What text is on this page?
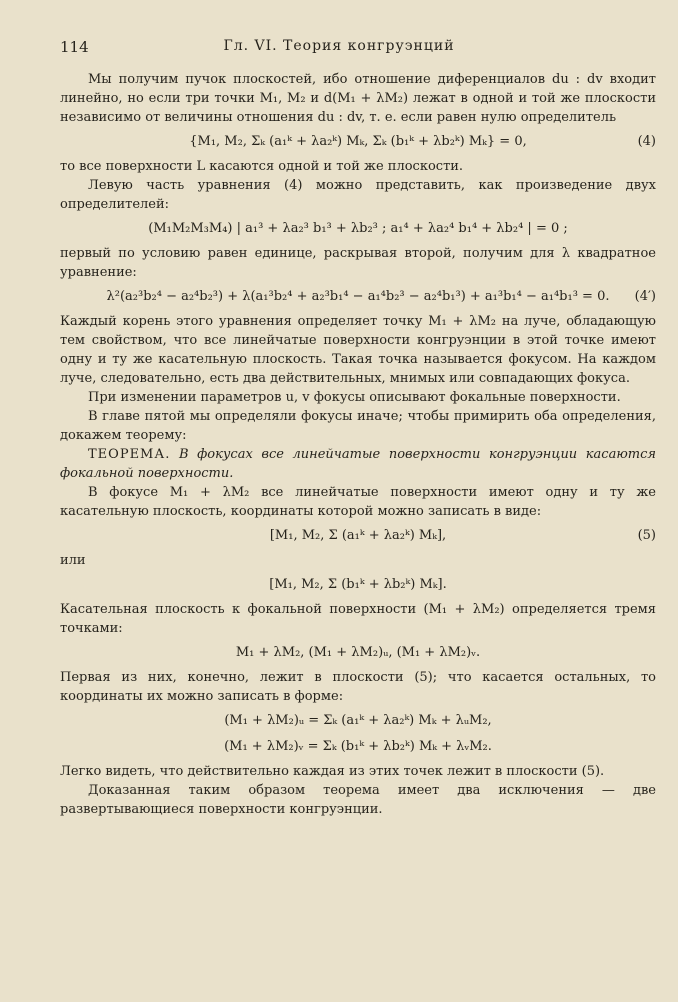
114	Гл. VI. Теория конгруэнций

Мы получим пучок плоскостей, ибо отношение диференциалов du : dv входит линейно, но если три точки M₁, M₂ и d(M₁ + λM₂) лежат в одной и той же плоскости независимо от величины отношения du : dv, т. е. если равен нулю определитель

{M₁, M₂, Σₖ (a₁ᵏ + λa₂ᵏ) Mₖ, Σₖ (b₁ᵏ + λb₂ᵏ) Mₖ} = 0,	(4)

то все поверхности L касаются одной и той же плоскости.

Левую часть уравнения (4) можно представить, как произведение двух определителей:

(M₁M₂M₃M₄) | a₁³ + λa₂³ b₁³ + λb₂³ ; a₁⁴ + λa₂⁴ b₁⁴ + λb₂⁴ | = 0 ;

первый по условию равен единице, раскрывая второй, получим для λ квадратное уравнение:

λ²(a₂³b₂⁴ − a₂⁴b₂³) + λ(a₁³b₂⁴ + a₂³b₁⁴ − a₁⁴b₂³ − a₂⁴b₁³) + a₁³b₁⁴ − a₁⁴b₁³ = 0. (4′)

Каждый корень этого уравнения определяет точку M₁ + λM₂ на луче, обладающую тем свойством, что все линейчатые поверхности конгруэнции в этой точке имеют одну и ту же касательную плоскость. Такая точка называется фокусом. На каждом луче, следовательно, есть два действительных, мнимых или совпадающих фокуса.

При изменении параметров u, v фокусы описывают фокальные поверхности.

В главе пятой мы определяли фокусы иначе; чтобы примирить оба определения, докажем теорему:

ТЕОРЕМА. В фокусах все линейчатые поверхности конгруэнции касаются фокальной поверхности.

В фокусе M₁ + λM₂ все линейчатые поверхности имеют одну и ту же касательную плоскость, координаты которой можно записать в виде:

[M₁, M₂, Σ (a₁ᵏ + λa₂ᵏ) Mₖ],	(5)

или

[M₁, M₂, Σ (b₁ᵏ + λb₂ᵏ) Mₖ].

Касательная плоскость к фокальной поверхности (M₁ + λM₂) определяется тремя точками:

M₁ + λM₂, (M₁ + λM₂)ᵤ, (M₁ + λM₂)ᵥ.

Первая из них, конечно, лежит в плоскости (5); что касается остальных, то координаты их можно записать в форме:

(M₁ + λM₂)ᵤ = Σₖ (a₁ᵏ + λa₂ᵏ) Mₖ + λᵤM₂,
(M₁ + λM₂)ᵥ = Σₖ (b₁ᵏ + λb₂ᵏ) Mₖ + λᵥM₂.

Легко видеть, что действительно каждая из этих точек лежит в плоскости (5).

Доказанная таким образом теорема имеет два исключения — две развертывающиеся поверхности конгруэнции.
